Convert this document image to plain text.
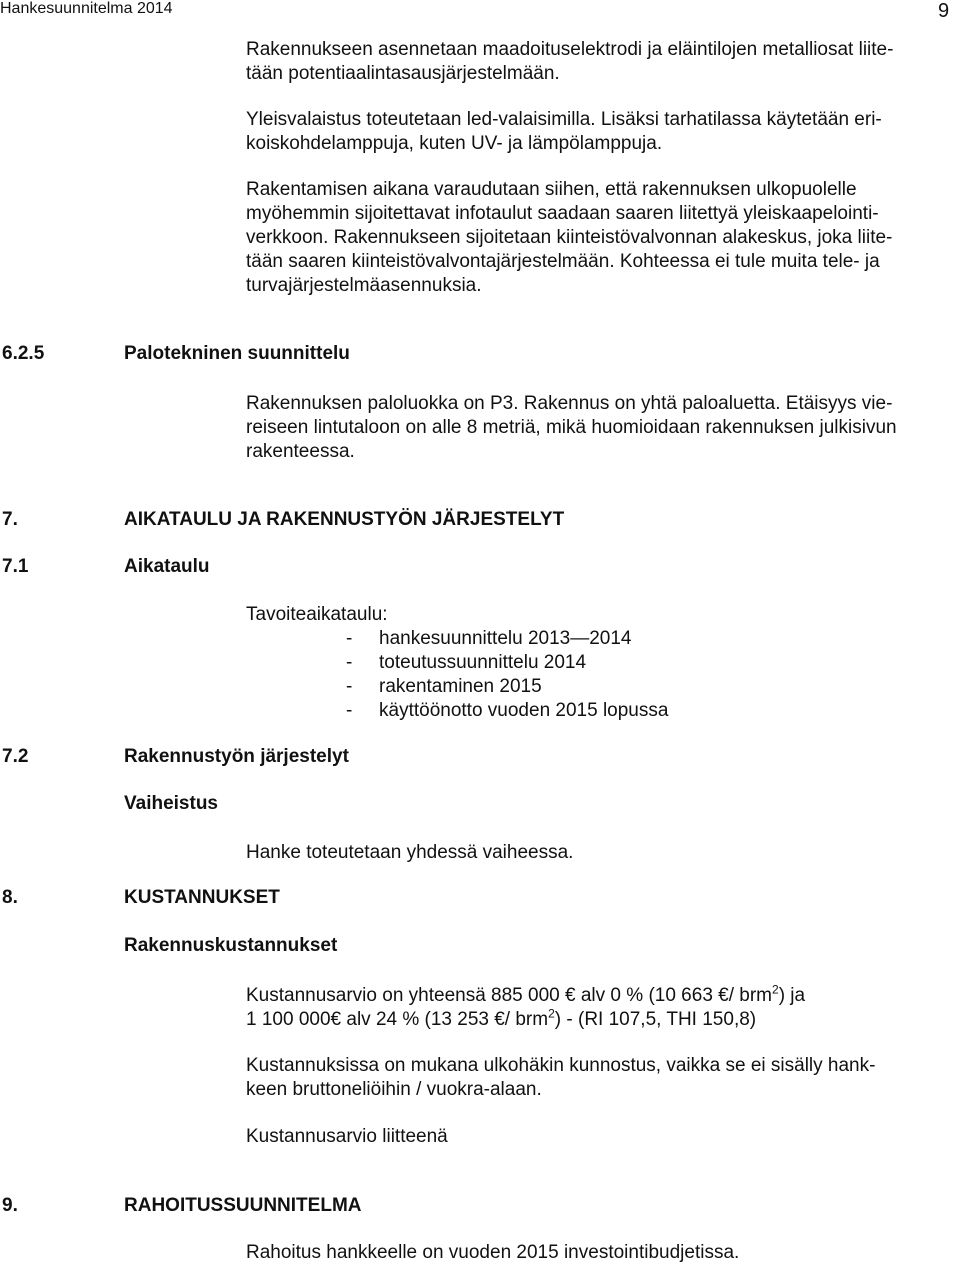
Hankesuunnitelma 2014	9
Rakennukseen asennetaan maadoituselektrodi ja eläintilojen metalliosat liite-
tään potentiaalintasausjärjestelmään.
Yleisvalaistus toteutetaan led-valaisimilla. Lisäksi tarhatilassa käytetään eri-
koiskohdelamppuja, kuten UV- ja lämpölamppuja.
Rakentamisen aikana varaudutaan siihen, että rakennuksen ulkopuolelle
myöhemmin sijoitettavat infotaulut saadaan saaren liitettyä yleiskaapelointi-
verkkoon. Rakennukseen sijoitetaan kiinteistövalvonnan alakeskus, joka liite-
tään saaren kiinteistövalvontajärjestelmään. Kohteessa ei tule muita tele- ja
turvajärjestelmäasennuksia.
6.2.5	Palotekninen suunnittelu
Rakennuksen paloluokka on P3. Rakennus on yhtä paloaluetta. Etäisyys vie-
reiseen lintutaloon on alle 8 metriä, mikä huomioidaan rakennuksen julkisivun
rakenteessa.
7.	AIKATAULU JA RAKENNUSTYÖN JÄRJESTELYT
7.1	Aikataulu
Tavoiteaikataulu:
- hankesuunnittelu 2013—2014
- toteutussuunnittelu 2014
- rakentaminen 2015
- käyttöönotto vuoden 2015 lopussa
7.2	Rakennustyön järjestelyt
Vaiheistus
Hanke toteutetaan yhdessä vaiheessa.
8.	KUSTANNUKSET
Rakennuskustannukset
Kustannusarvio on yhteensä 885 000 € alv 0 % (10 663 €/ brm$^2$) ja
1 100 000€ alv 24 % (13 253 €/ brm$^2$) - (RI 107,5, THI 150,8)
Kustannuksissa on mukana ulkohäkin kunnostus, vaikka se ei sisälly hank-
keen bruttoneliöihin / vuokra-alaan.
Kustannusarvio liitteenä
9.	RAHOITUSSUUNNITELMA
Rahoitus hankkeelle on vuoden 2015 investointibudjetissa.
